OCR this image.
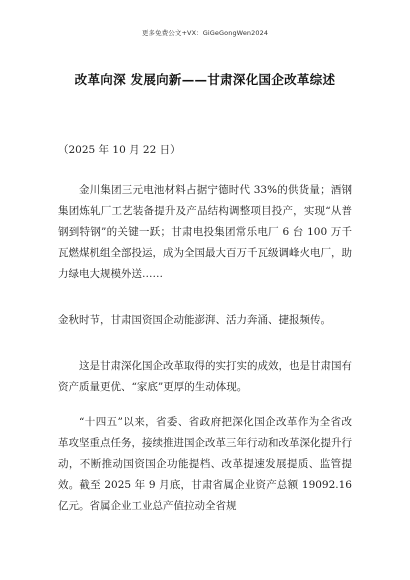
更多免费公文+VX：GiGeGongWen2024
改革向深 发展向新——甘肃深化国企改革综述
（2025 年 10 月 22 日）

金川集团三元电池材料占据宁德时代 33%的供货量；酒钢集团炼轧厂工艺装备提升及产品结构调整项目投产，实现“从普钢到特钢”的关键一跃；甘肃电投集团常乐电厂 6 台 100 万千瓦燃煤机组全部投运，成为全国最大百万千瓦级调峰火电厂，助力绿电大规模外送……

金秋时节，甘肃国资国企动能澎湃、活力奔涌、捷报频传。

这是甘肃深化国企改革取得的实打实的成效，也是甘肃国有资产质量更优、“家底”更厚的生动体现。

“十四五”以来，省委、省政府把深化国企改革作为全省改革攻坚重点任务，接续推进国企改革三年行动和改革深化提升行动，不断推动国资国企功能提档、改革提速发展提质、监管提效。截至 2025 年 9 月底，甘肃省属企业资产总额 19092.16 亿元。省属企业工业总产值拉动全省规
